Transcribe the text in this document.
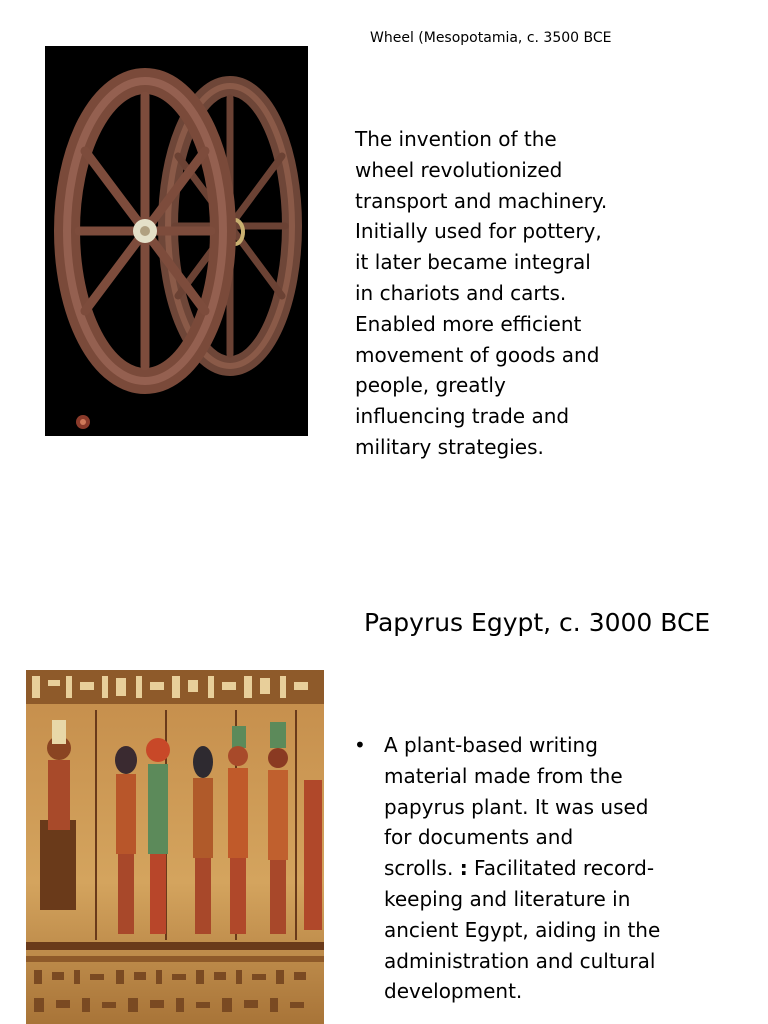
Wheel (Mesopotamia, c. 3500 BCE
The invention of the
wheel revolutionized
transport and machinery.
Initially used for pottery,
it later became integral
in chariots and carts.
Enabled more efficient
movement of goods and
people, greatly
influencing trade and
military strategies.
Papyrus Egypt, c. 3000 BCE
• A plant-based writing
material made from the
papyrus plant. It was used
for documents and
scrolls. : Facilitated record-
keeping and literature in
ancient Egypt, aiding in the
administration and cultural
development.
